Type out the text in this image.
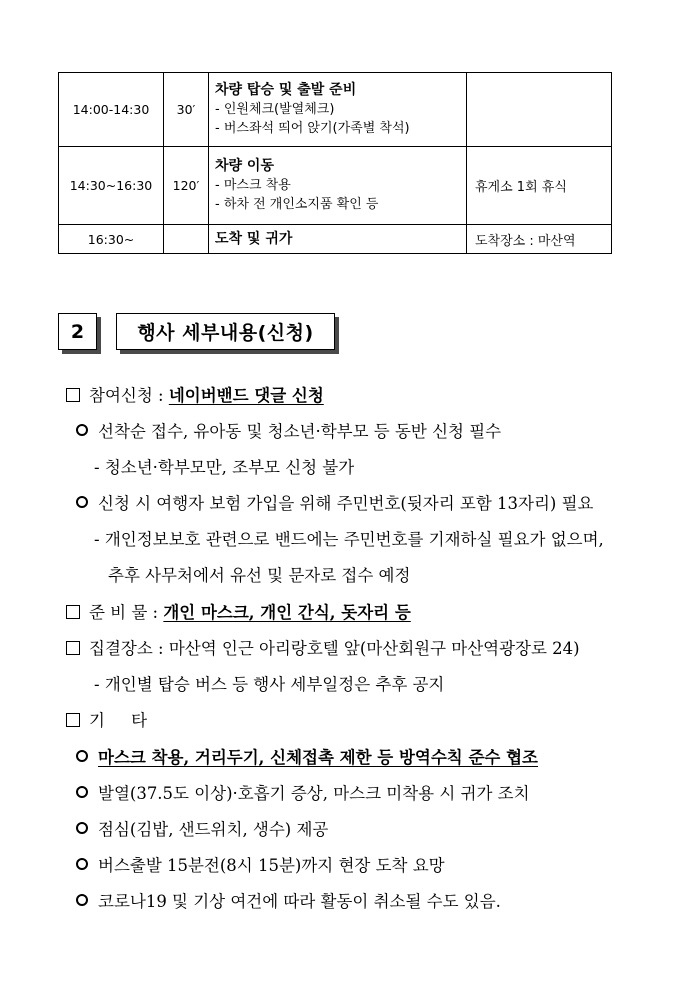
14:00-14:30	30′	차량 탑승 및 출발 준비
- 인원체크(발열체크)
- 버스좌석 띄어 앉기(가족별 착석)	

14:30~16:30	120′	차량 이동
- 마스크 착용
- 하차 전 개인소지품 확인 등	휴게소 1회 휴식
16:30~		도착 및 귀가	도착장소 : 마산역
2	행사 세부내용(신청)
참여신청 : 네이버밴드 댓글 신청
선착순 접수, 유아동 및 청소년·학부모 등 동반 신청 필수
- 청소년·학부모만, 조부모 신청 불가
신청 시 여행자 보험 가입을 위해 주민번호(뒷자리 포함 13자리) 필요
- 개인정보보호 관련으로 밴드에는 주민번호를 기재하실 필요가 없으며,
추후 사무처에서 유선 및 문자로 접수 예정
준 비 물 : 개인 마스크, 개인 간식, 돗자리 등
집결장소 : 마산역 인근 아리랑호텔 앞(마산회원구 마산역광장로 24)
- 개인별 탑승 버스 등 행사 세부일정은 추후 공지
기     타
마스크 착용, 거리두기, 신체접촉 제한 등 방역수칙 준수 협조
발열(37.5도 이상)·호흡기 증상, 마스크 미착용 시 귀가 조치
점심(김밥, 샌드위치, 생수) 제공
버스출발 15분전(8시 15분)까지 현장 도착 요망
코로나19 및 기상 여건에 따라 활동이 취소될 수도 있음.
